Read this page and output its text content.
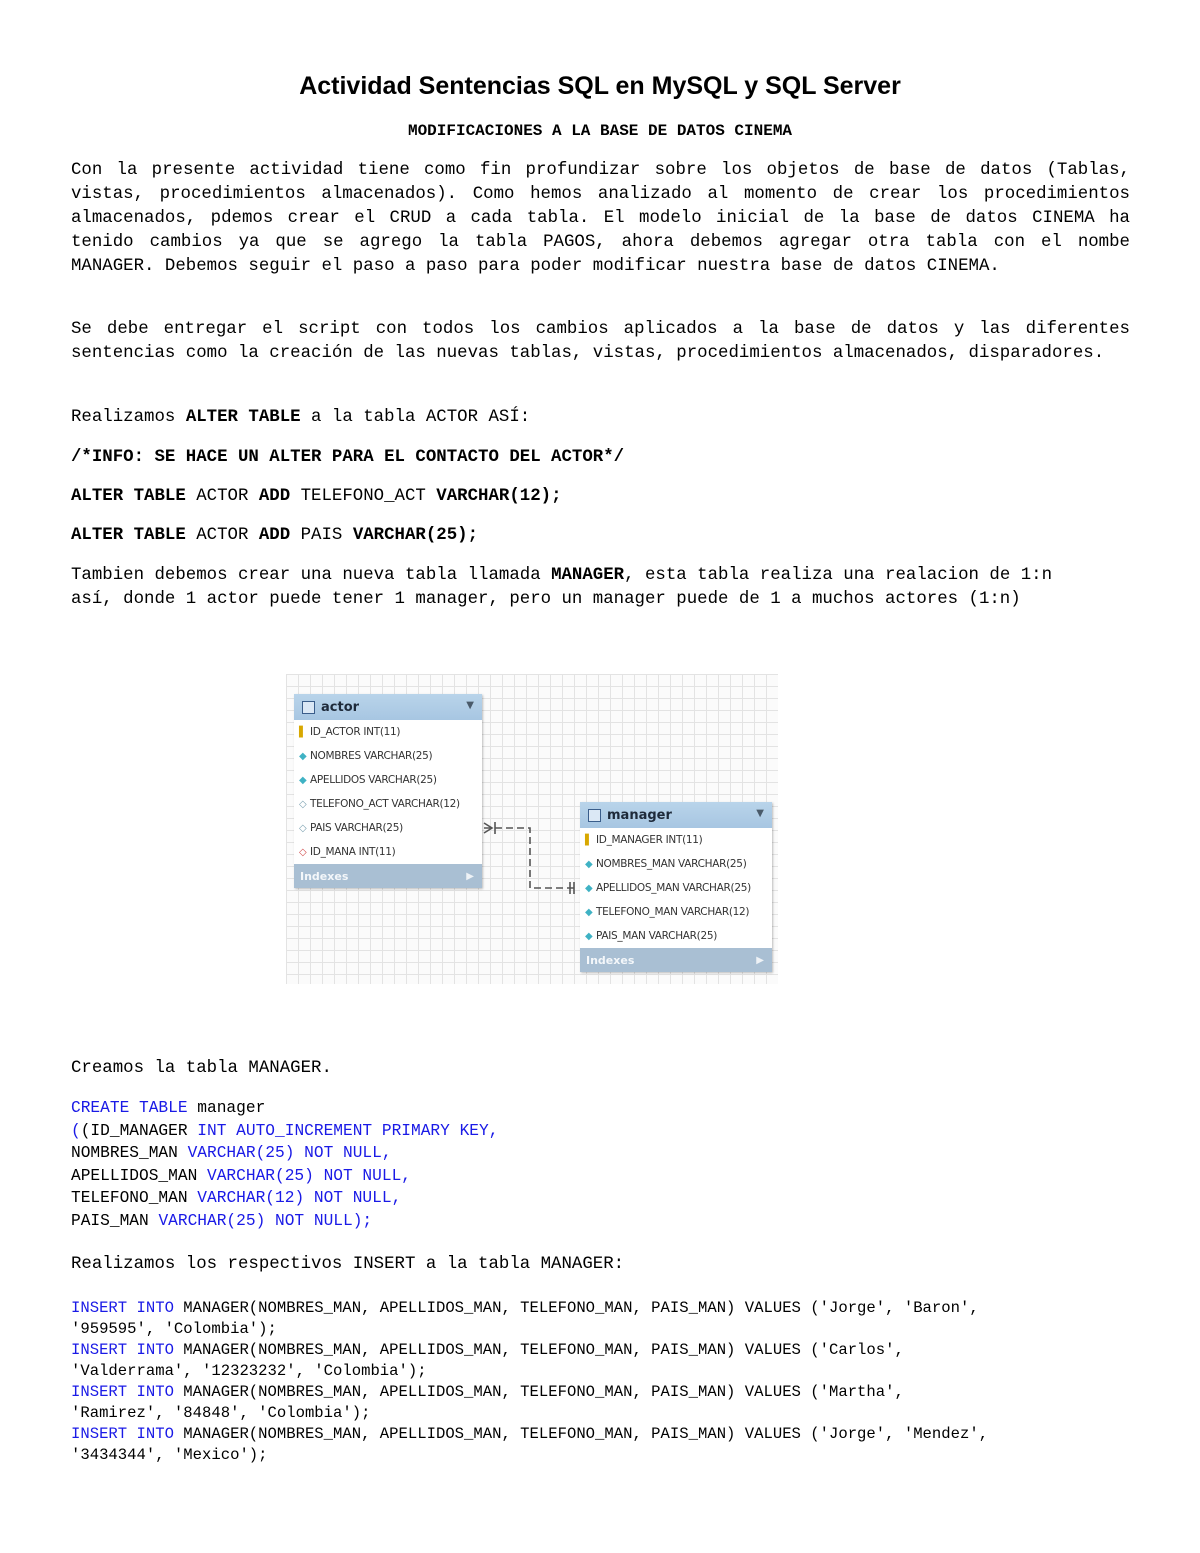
Actividad Sentencias SQL en MySQL y SQL Server
MODIFICACIONES A LA BASE DE DATOS CINEMA
Con la presente actividad tiene como fin profundizar sobre los objetos de base de datos (Tablas, vistas, procedimientos almacenados). Como hemos analizado al momento de crear los procedimientos almacenados, pdemos crear el CRUD a cada tabla. El modelo inicial de la base de datos CINEMA ha tenido cambios ya que se agrego la tabla PAGOS, ahora debemos agregar otra tabla con el nombe MANAGER. Debemos seguir el paso a paso para poder modificar nuestra base de datos CINEMA.
Se debe entregar el script con todos los cambios aplicados a la base de datos y las diferentes sentencias como la creación de las nuevas tablas, vistas, procedimientos almacenados, disparadores.
Realizamos ALTER TABLE a la tabla ACTOR ASÍ:
/*INFO: SE HACE UN ALTER PARA EL CONTACTO DEL ACTOR*/
ALTER TABLE ACTOR ADD TELEFONO_ACT VARCHAR(12);
ALTER TABLE ACTOR ADD PAIS VARCHAR(25);
Tambien debemos crear una nueva tabla llamada MANAGER, esta tabla realiza una realacion de 1:n así, donde 1 actor puede tener 1 manager, pero un manager puede de 1 a muchos actores (1:n)
actor	▼
▌ ID_ACTOR INT(11)
◆ NOMBRES VARCHAR(25)
◆ APELLIDOS VARCHAR(25)
◇ TELEFONO_ACT VARCHAR(12)
◇ PAIS VARCHAR(25)
◇ ID_MANA INT(11)
Indexes	▶
manager	▼
▌ ID_MANAGER INT(11)
◆ NOMBRES_MAN VARCHAR(25)
◆ APELLIDOS_MAN VARCHAR(25)
◆ TELEFONO_MAN VARCHAR(12)
◆ PAIS_MAN VARCHAR(25)
Indexes	▶
Creamos la tabla MANAGER.
CREATE TABLE manager
((ID_MANAGER INT AUTO_INCREMENT PRIMARY KEY,
NOMBRES_MAN VARCHAR(25) NOT NULL,
APELLIDOS_MAN VARCHAR(25) NOT NULL,
TELEFONO_MAN VARCHAR(12) NOT NULL,
PAIS_MAN VARCHAR(25) NOT NULL);
Realizamos los respectivos INSERT a la tabla MANAGER:
INSERT INTO MANAGER(NOMBRES_MAN, APELLIDOS_MAN, TELEFONO_MAN, PAIS_MAN) VALUES ('Jorge', 'Baron',
'959595', 'Colombia');
INSERT INTO MANAGER(NOMBRES_MAN, APELLIDOS_MAN, TELEFONO_MAN, PAIS_MAN) VALUES ('Carlos',
'Valderrama', '12323232', 'Colombia');
INSERT INTO MANAGER(NOMBRES_MAN, APELLIDOS_MAN, TELEFONO_MAN, PAIS_MAN) VALUES ('Martha',
'Ramirez', '84848', 'Colombia');
INSERT INTO MANAGER(NOMBRES_MAN, APELLIDOS_MAN, TELEFONO_MAN, PAIS_MAN) VALUES ('Jorge', 'Mendez',
'3434344', 'Mexico');
